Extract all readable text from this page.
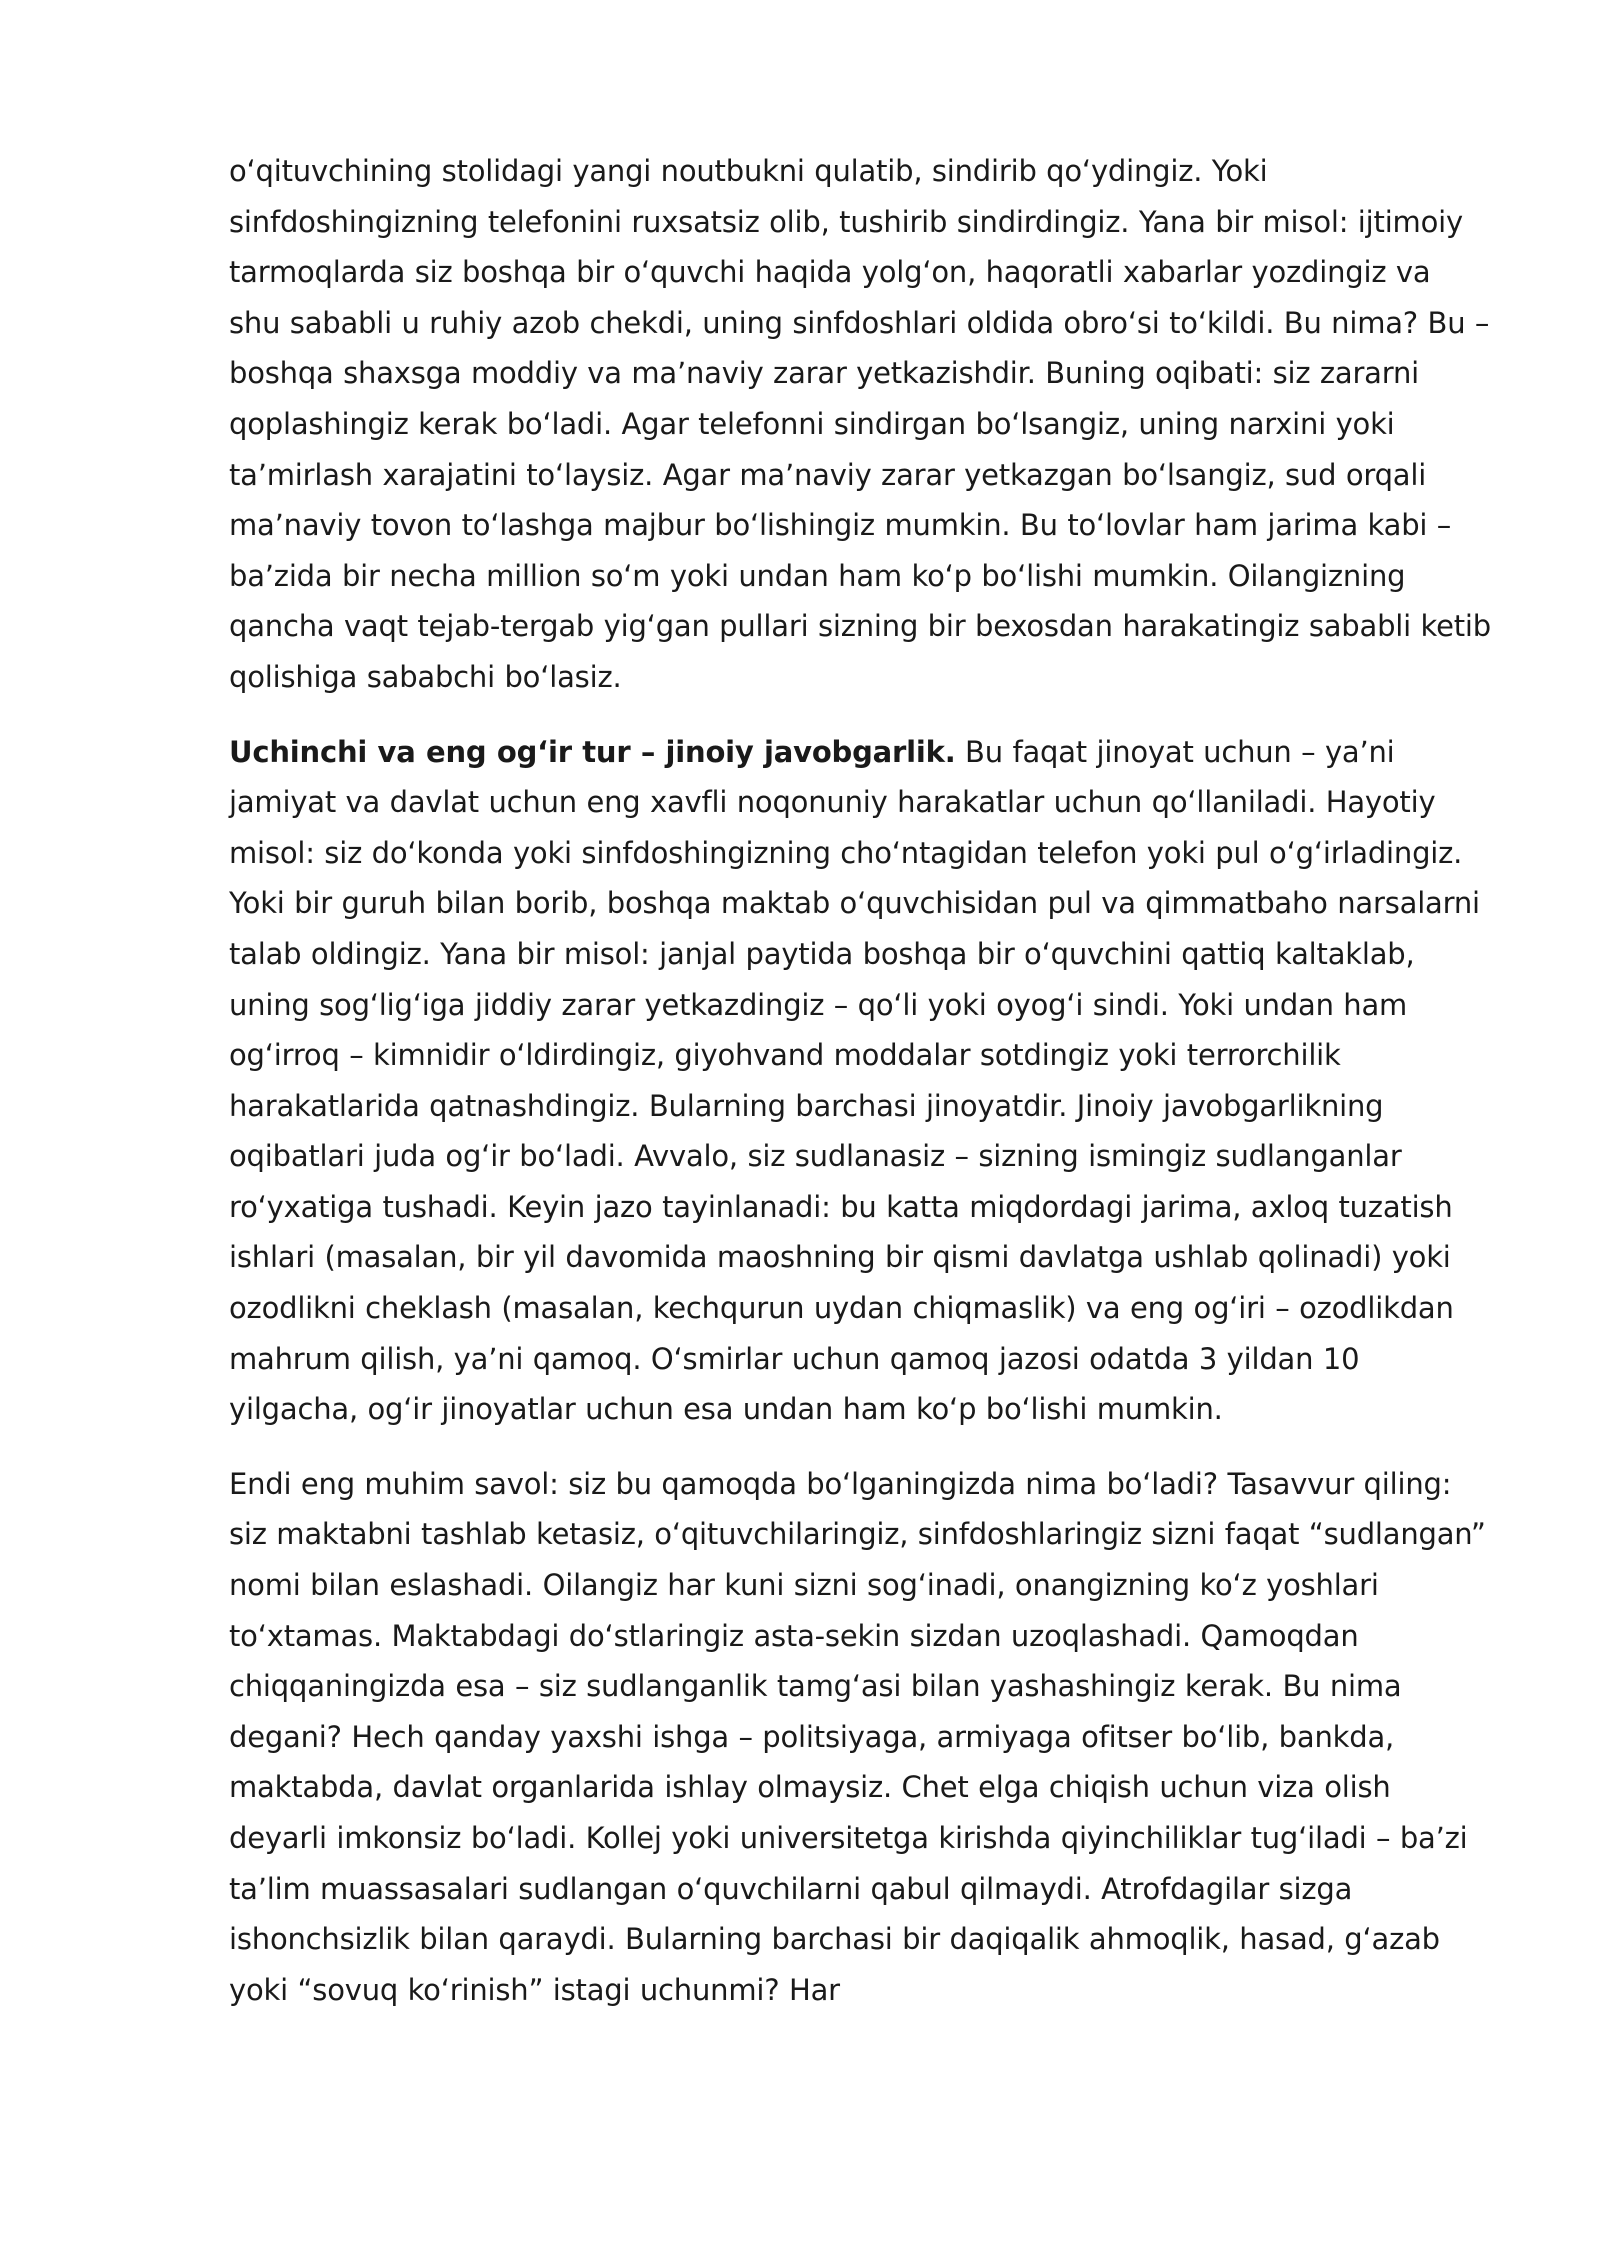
oʻqituvchining stolidagi yangi noutbukni qulatib, sindirib qoʻydingiz. Yoki sinfdoshingizning telefonini ruxsatsiz olib, tushirib sindirdingiz. Yana bir misol: ijtimoiy tarmoqlarda siz boshqa bir oʻquvchi haqida yolgʻon, haqoratli xabarlar yozdingiz va shu sababli u ruhiy azob chekdi, uning sinfdoshlari oldida obroʻsi toʻkildi. Bu nima? Bu – boshqa shaxsga moddiy va maʼnaviy zarar yetkazishdir. Buning oqibati: siz zararni qoplashingiz kerak boʻladi. Agar telefonni sindirgan boʻlsangiz, uning narxini yoki taʼmirlash xarajatini toʻlaysiz. Agar maʼnaviy zarar yetkazgan boʻlsangiz, sud orqali maʼnaviy tovon toʻlashga majbur boʻlishingiz mumkin. Bu toʻlovlar ham jarima kabi – baʼzida bir necha million soʻm yoki undan ham koʻp boʻlishi mumkin. Oilangizning qancha vaqt tejab-tergab yigʻgan pullari sizning bir bexosdan harakatingiz sababli ketib qolishiga sababchi boʻlasiz.

Uchinchi va eng ogʻir tur – jinoiy javobgarlik. Bu faqat jinoyat uchun – yaʼni jamiyat va davlat uchun eng xavfli noqonuniy harakatlar uchun qoʻllaniladi. Hayotiy misol: siz doʻkonda yoki sinfdoshingizning choʻntagidan telefon yoki pul oʻgʻirladingiz. Yoki bir guruh bilan borib, boshqa maktab oʻquvchisidan pul va qimmatbaho narsalarni talab oldingiz. Yana bir misol: janjal paytida boshqa bir oʻquvchini qattiq kaltaklab, uning sogʻligʻiga jiddiy zarar yetkazdingiz – qoʻli yoki oyogʻi sindi. Yoki undan ham ogʻirroq – kimnidir oʻldirdingiz, giyohvand moddalar sotdingiz yoki terrorchilik harakatlarida qatnashdingiz. Bularning barchasi jinoyatdir. Jinoiy javobgarlikning oqibatlari juda ogʻir boʻladi. Avvalo, siz sudlanasiz – sizning ismingiz sudlanganlar roʻyxatiga tushadi. Keyin jazo tayinlanadi: bu katta miqdordagi jarima, axloq tuzatish ishlari (masalan, bir yil davomida maoshning bir qismi davlatga ushlab qolinadi) yoki ozodlikni cheklash (masalan, kechqurun uydan chiqmaslik) va eng ogʻiri – ozodlikdan mahrum qilish, yaʼni qamoq. Oʻsmirlar uchun qamoq jazosi odatda 3 yildan 10 yilgacha, ogʻir jinoyatlar uchun esa undan ham koʻp boʻlishi mumkin.

Endi eng muhim savol: siz bu qamoqda boʻlganingizda nima boʻladi? Tasavvur qiling: siz maktabni tashlab ketasiz, oʻqituvchilaringiz, sinfdoshlaringiz sizni faqat “sudlangan” nomi bilan eslashadi. Oilangiz har kuni sizni sogʻinadi, onangizning koʻz yoshlari toʻxtamas. Maktabdagi doʻstlaringiz asta-sekin sizdan uzoqlashadi. Qamoqdan chiqqaningizda esa – siz sudlanganlik tamgʻasi bilan yashashingiz kerak. Bu nima degani? Hech qanday yaxshi ishga – politsiyaga, armiyaga ofitser boʻlib, bankda, maktabda, davlat organlarida ishlay olmaysiz. Chet elga chiqish uchun viza olish deyarli imkonsiz boʻladi. Kollej yoki universitetga kirishda qiyinchiliklar tugʻiladi – baʼzi taʼlim muassasalari sudlangan oʻquvchilarni qabul qilmaydi. Atrofdagilar sizga ishonchsizlik bilan qaraydi. Bularning barchasi bir daqiqalik ahmoqlik, hasad, gʻazab yoki “sovuq koʻrinish” istagi uchunmi? Har
